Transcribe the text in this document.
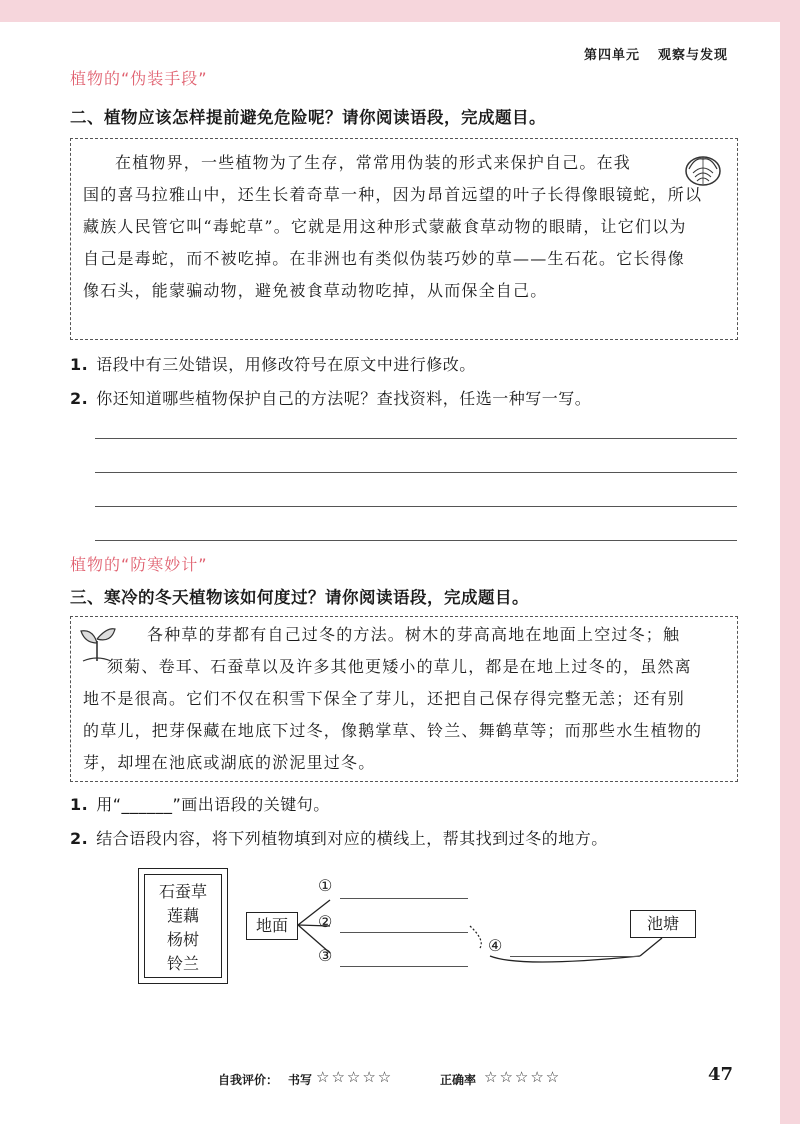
第四单元 观察与发现
植物的“伪装手段”
二、植物应该怎样提前避免危险呢？请你阅读语段，完成题目。

在植物界，一些植物为了生存，常常用伪装的形式来保护自己。在我

国的喜马拉雅山中，还生长着奇草一种，因为昂首远望的叶子长得像眼镜蛇，所以

藏族人民管它叫“毒蛇草”。它就是用这种形式蒙蔽食草动物的眼睛，让它们以为

自己是毒蛇，而不被吃掉。在非洲也有类似伪装巧妙的草——生石花。它长得像

像石头，能蒙骗动物，避免被食草动物吃掉，从而保全自己。

1. 语段中有三处错误，用修改符号在原文中进行修改。
2. 你还知道哪些植物保护自己的方法呢？查找资料，任选一种写一写。
植物的“防寒妙计”
三、寒冷的冬天植物该如何度过？请你阅读语段，完成题目。

各种草的芽都有自己过冬的方法。树木的芽高高地在地面上空过冬；触

须菊、卷耳、石蚕草以及许多其他更矮小的草儿，都是在地上过冬的，虽然离

地不是很高。它们不仅在积雪下保全了芽儿，还把自己保存得完整无恙；还有别

的草儿，把芽保藏在地底下过冬，像鹅掌草、铃兰、舞鹤草等；而那些水生植物的

芽，却埋在池底或湖底的淤泥里过冬。

1. 用“______”画出语段的关键句。
2. 结合语段内容，将下列植物填到对应的横线上，帮其找到过冬的地方。
石蚕草
莲藕
杨树
铃兰
地面	池塘
①
②
③
④
自我评价： 书写 ☆☆☆☆☆	正确率 ☆☆☆☆☆	47
